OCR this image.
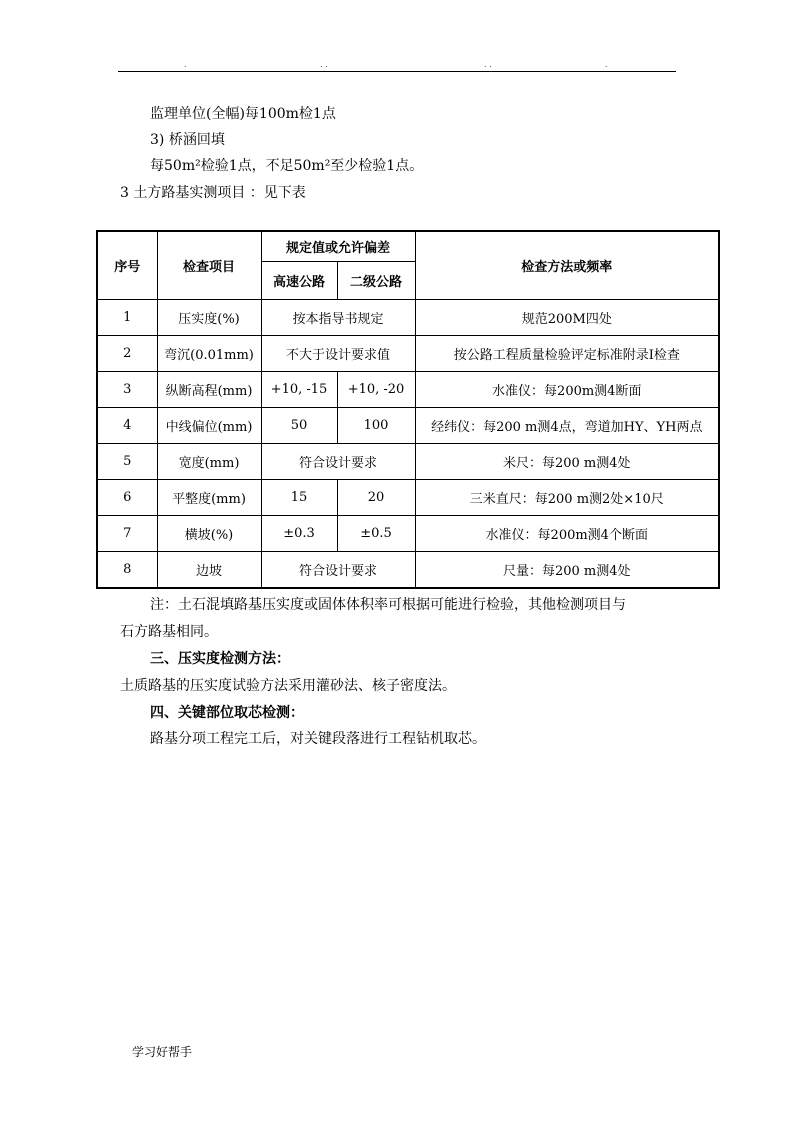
.	. .	. .	.
监理单位(全幅)每100m检1点
3) 桥涵回填
每50m²检验1点，不足50m²至少检验1点。
3 土方路基实测项目 ：见下表
序号	检查项目	规定值或允许偏差		检查方法或频率
		高速公路	二级公路	
1	压实度(%)	按本指导书规定		规范200M四处
2	弯沉(0.01mm)	不大于设计要求值		按公路工程质量检验评定标准附录I检查
3	纵断高程(mm)	+10, -15	+10, -20	水准仪：每200m测4断面
4	中线偏位(mm)	50	100	经纬仪：每200 m测4点，弯道加HY、YH两点
5	宽度(mm)	符合设计要求		米尺：每200 m测4处
6	平整度(mm)	15	20	三米直尺：每200 m测2处×10尺
7	横坡(%)	±0.3	±0.5	水准仪：每200m测4个断面
8	边坡	符合设计要求		尺量：每200 m测4处
注：土石混填路基压实度或固体体积率可根据可能进行检验，其他检测项目与
石方路基相同。
三、压实度检测方法：
土质路基的压实度试验方法采用灌砂法、核子密度法。
四、关键部位取芯检测：
路基分项工程完工后，对关键段落进行工程钻机取芯。
学习好帮手
